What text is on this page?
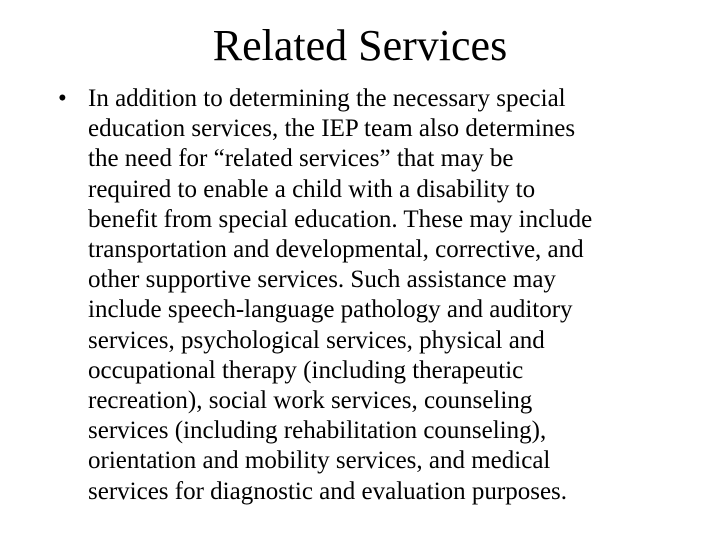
Related Services
• In addition to determining the necessary special
education services, the IEP team also determines
the need for “related services” that may be
required to enable a child with a disability to
benefit from special education. These may include
transportation and developmental, corrective, and
other supportive services. Such assistance may
include speech-language pathology and auditory
services, psychological services, physical and
occupational therapy (including therapeutic
recreation), social work services, counseling
services (including rehabilitation counseling),
orientation and mobility services, and medical
services for diagnostic and evaluation purposes.
